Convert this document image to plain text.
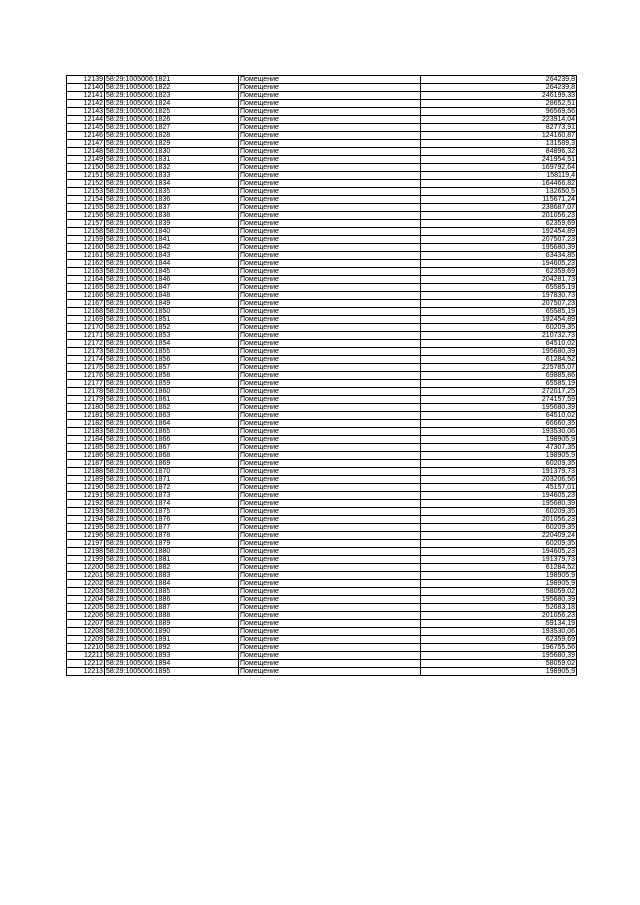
12139	58:29:1005006:1821	Помещение	264239,8
12140	58:29:1005006:1822	Помещение	264239,8
12141	58:29:1005006:1823	Помещение	246199,33
12142	58:29:1005006:1824	Помещение	28652,51
12143	58:29:1005006:1825	Помещение	96569,56
12144	58:29:1005006:1826	Помещение	223914,04
12145	58:29:1005006:1827	Помещение	82773,91
12146	58:29:1005006:1828	Помещение	124160,87
12147	58:29:1005006:1829	Помещение	131589,3
12148	58:29:1005006:1830	Помещение	84896,32
12149	58:29:1005006:1831	Помещение	241954,51
12150	58:29:1005006:1832	Помещение	169792,64
12151	58:29:1005006:1833	Помещение	158119,4
12152	58:29:1005006:1834	Помещение	164466,82
12153	58:29:1005006:1835	Помещение	132650,5
12154	58:29:1005006:1836	Помещение	115671,24
12155	58:29:1005006:1837	Помещение	238687,07
12156	58:29:1005006:1838	Помещение	201056,23
12157	58:29:1005006:1839	Помещение	62359,69
12158	58:29:1005006:1840	Помещение	192454,89
12159	58:29:1005006:1841	Помещение	207507,23
12160	58:29:1005006:1842	Помещение	195680,39
12161	58:29:1005006:1843	Помещение	63434,85
12162	58:29:1005006:1844	Помещение	194605,23
12163	58:29:1005006:1845	Помещение	62359,69
12164	58:29:1005006:1846	Помещение	204281,73
12165	58:29:1005006:1847	Помещение	65585,19
12166	58:29:1005006:1848	Помещение	197830,73
12167	58:29:1005006:1849	Помещение	207507,23
12168	58:29:1005006:1850	Помещение	65585,19
12169	58:29:1005006:1851	Помещение	192454,89
12170	58:29:1005006:1852	Помещение	60209,35
12171	58:29:1005006:1853	Помещение	210732,73
12172	58:29:1005006:1854	Помещение	64510,02
12173	58:29:1005006:1855	Помещение	195680,39
12174	58:29:1005006:1856	Помещение	61284,52
12175	58:29:1005006:1857	Помещение	225785,07
12176	58:29:1005006:1858	Помещение	69885,86
12177	58:29:1005006:1859	Помещение	65585,19
12178	58:29:1005006:1860	Помещение	272017,25
12179	58:29:1005006:1861	Помещение	274157,59
12180	58:29:1005006:1862	Помещение	195680,39
12181	58:29:1005006:1863	Помещение	64510,02
12182	58:29:1005006:1864	Помещение	66660,35
12183	58:29:1005006:1865	Помещение	193530,06
12184	58:29:1005006:1866	Помещение	198905,9
12185	58:29:1005006:1867	Помещение	47307,35
12186	58:29:1005006:1868	Помещение	198905,9
12187	58:29:1005006:1869	Помещение	60209,35
12188	58:29:1005006:1870	Помещение	191379,73
12189	58:29:1005006:1871	Помещение	203206,56
12190	58:29:1005006:1872	Помещение	45157,01
12191	58:29:1005006:1873	Помещение	194605,23
12192	58:29:1005006:1874	Помещение	195680,39
12193	58:29:1005006:1875	Помещение	60209,35
12194	58:29:1005006:1876	Помещение	201056,23
12195	58:29:1005006:1877	Помещение	60209,35
12196	58:29:1005006:1878	Помещение	220409,24
12197	58:29:1005006:1879	Помещение	60209,35
12198	58:29:1005006:1880	Помещение	194605,23
12199	58:29:1005006:1881	Помещение	191379,73
12200	58:29:1005006:1882	Помещение	61284,52
12201	58:29:1005006:1883	Помещение	198905,9
12202	58:29:1005006:1884	Помещение	198905,9
12203	58:29:1005006:1885	Помещение	58059,02
12204	58:29:1005006:1886	Помещение	195680,39
12205	58:29:1005006:1887	Помещение	52683,18
12206	58:29:1005006:1888	Помещение	201056,23
12207	58:29:1005006:1889	Помещение	59134,19
12208	58:29:1005006:1890	Помещение	193530,06
12209	58:29:1005006:1891	Помещение	62359,69
12210	58:29:1005006:1892	Помещение	196755,56
12211	58:29:1005006:1893	Помещение	195680,39
12212	58:29:1005006:1894	Помещение	58059,02
12213	58:29:1005006:1895	Помещение	198905,9
